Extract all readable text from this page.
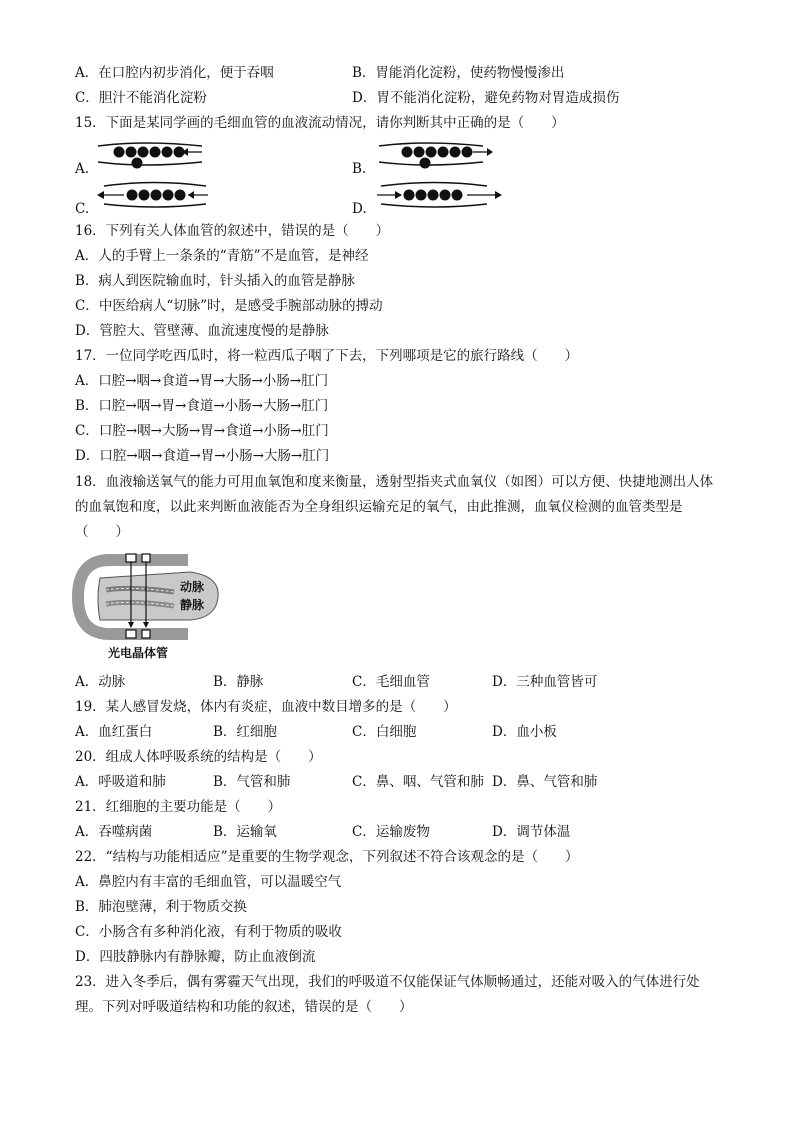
A．在口腔内初步消化，便于吞咽	B．胃能消化淀粉，使药物慢慢渗出
C．胆汁不能消化淀粉	D．胃不能消化淀粉，避免药物对胃造成损伤
15．下面是某同学画的毛细血管的血液流动情况，请你判断其中正确的是（　　）
A.	B.
C.	D.
16．下列有关人体血管的叙述中，错误的是（　　）
A．人的手臂上一条条的“青筋”不是血管，是神经
B．病人到医院输血时，针头插入的血管是静脉
C．中医给病人“切脉”时，是感受手腕部动脉的搏动
D．管腔大、管壁薄、血流速度慢的是静脉
17．一位同学吃西瓜时，将一粒西瓜子咽了下去，下列哪项是它的旅行路线（　　）
A．口腔→咽→食道→胃→大肠→小肠→肛门
B．口腔→咽→胃→食道→小肠→大肠→肛门
C．口腔→咽→大肠→胃→食道→小肠→肛门
D．口腔→咽→食道→胃→小肠→大肠→肛门
18．血液输送氧气的能力可用血氧饱和度来衡量，透射型指夹式血氧仪（如图）可以方便、快捷地测出人体
的血氧饱和度，以此来判断血液能否为全身组织运输充足的氧气，由此推测，血氧仪检测的血管类型是
（　　）
动脉
静脉
光电晶体管
A．动脉	B．静脉	C．毛细血管	D．三种血管皆可
19．某人感冒发烧，体内有炎症，血液中数目增多的是（　　）
A．血红蛋白	B．红细胞	C．白细胞	D．血小板
20．组成人体呼吸系统的结构是（　　）
A．呼吸道和肺	B．气管和肺	C．鼻、咽、气管和肺 D．鼻、气管和肺
21．红细胞的主要功能是（　　）
A．吞噬病菌	B．运输氧	C．运输废物	D．调节体温
22．“结构与功能相适应”是重要的生物学观念，下列叙述不符合该观念的是（　　）
A．鼻腔内有丰富的毛细血管，可以温暖空气
B．肺泡壁薄，利于物质交换
C．小肠含有多种消化液，有利于物质的吸收
D．四肢静脉内有静脉瓣，防止血液倒流
23．进入冬季后，偶有雾霾天气出现，我们的呼吸道不仅能保证气体顺畅通过，还能对吸入的气体进行处
理。下列对呼吸道结构和功能的叙述，错误的是（　　）
